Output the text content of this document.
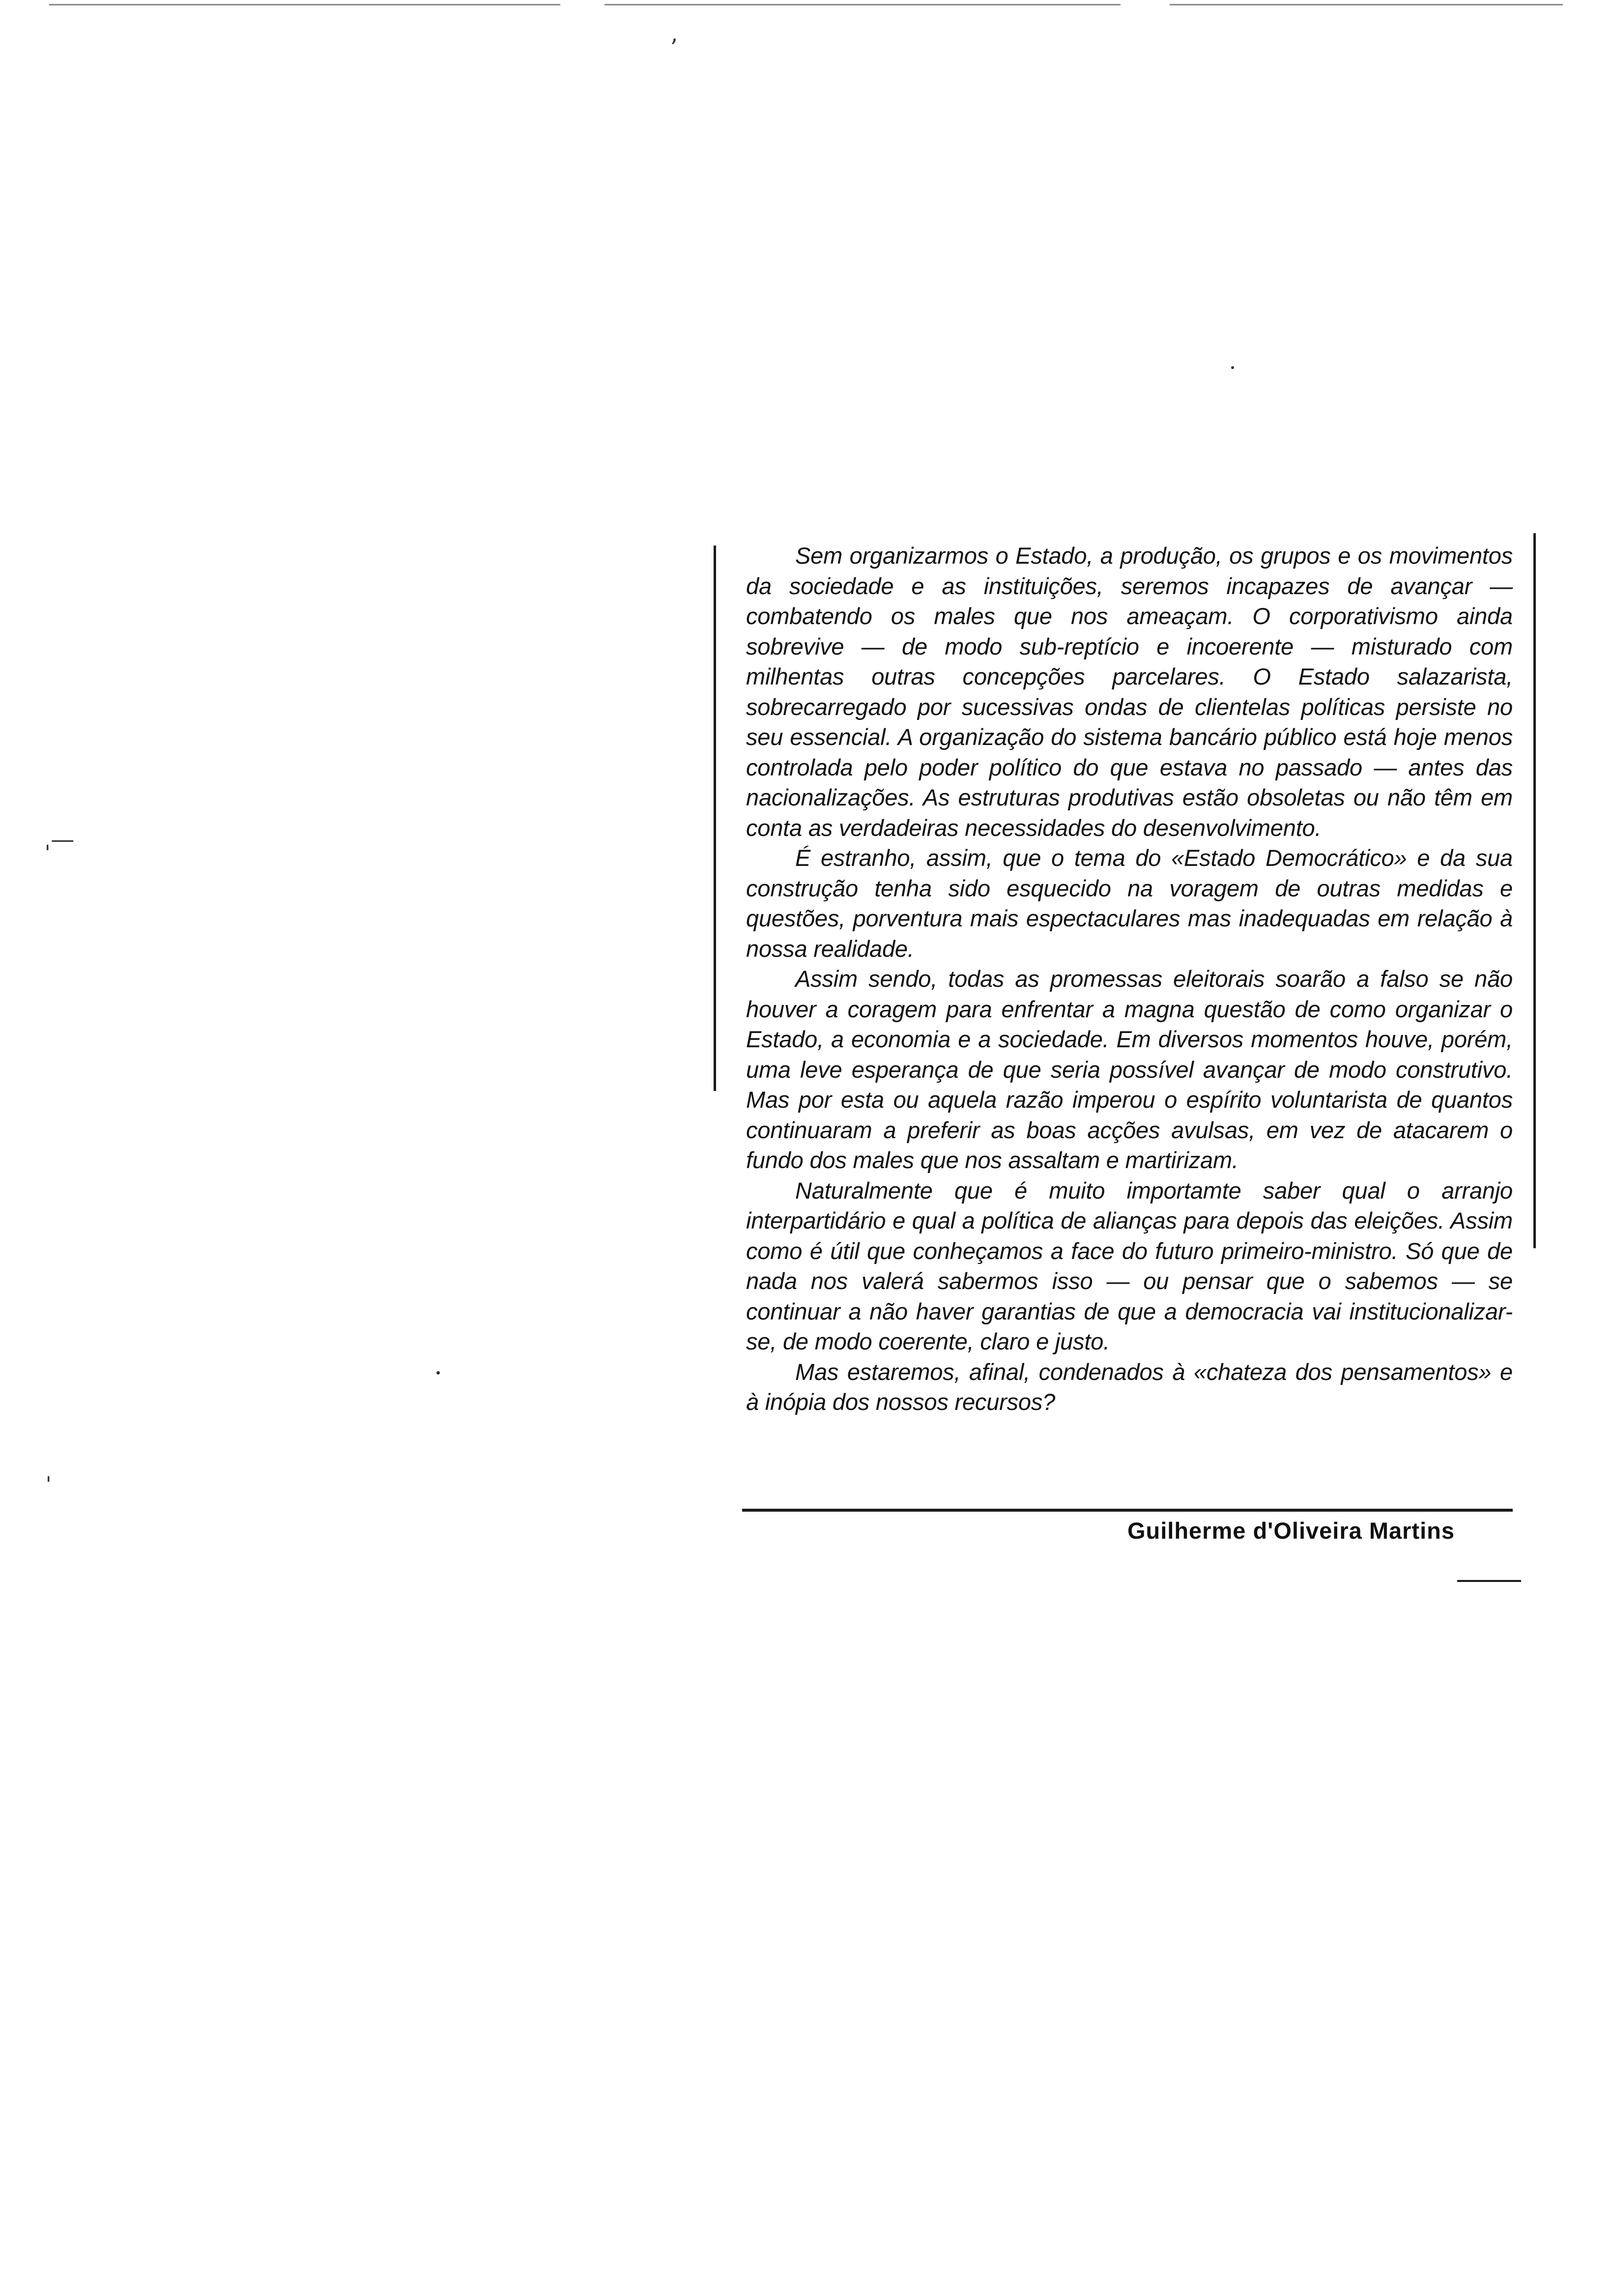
ʼ
ˌ—
ˌ

Sem organizarmos o Estado, a produção, os grupos e os movimentos da sociedade e as instituições, seremos incapazes de avançar — combatendo os males que nos ameaçam. O corporativismo ainda sobrevive — de modo sub-reptício e incoerente — misturado com milhentas outras concepções parcelares. O Estado salazarista, sobrecarregado por sucessivas ondas de clientelas políticas persiste no seu essencial. A organização do sistema bancário público está hoje menos controlada pelo poder político do que estava no passado — antes das nacionalizações. As estruturas produtivas estão obsoletas ou não têm em conta as verdadeiras necessidades do desenvolvimento.

É estranho, assim, que o tema do «Estado Democrático» e da sua construção tenha sido esquecido na voragem de outras medidas e questões, porventura mais espectaculares mas inadequadas em relação à nossa realidade.

Assim sendo, todas as promessas eleitorais soarão a falso se não houver a coragem para enfrentar a magna questão de como organizar o Estado, a economia e a sociedade. Em diversos momentos houve, porém, uma leve esperança de que seria possível avançar de modo construtivo. Mas por esta ou aquela razão imperou o espírito voluntarista de quantos continuaram a preferir as boas acções avulsas, em vez de atacarem o fundo dos males que nos assaltam e martirizam.

Naturalmente que é muito importamte saber qual o arranjo interpartidário e qual a política de alianças para depois das eleições. Assim como é útil que conheçamos a face do futuro primeiro-ministro. Só que de nada nos valerá sabermos isso — ou pensar que o sabemos — se continuar a não haver garantias de que a democracia vai institucionalizar-se, de modo coerente, claro e justo.

Mas estaremos, afinal, condenados à «chateza dos pensamentos» e à inópia dos nossos recursos?

Guilherme d'Oliveira Martins
